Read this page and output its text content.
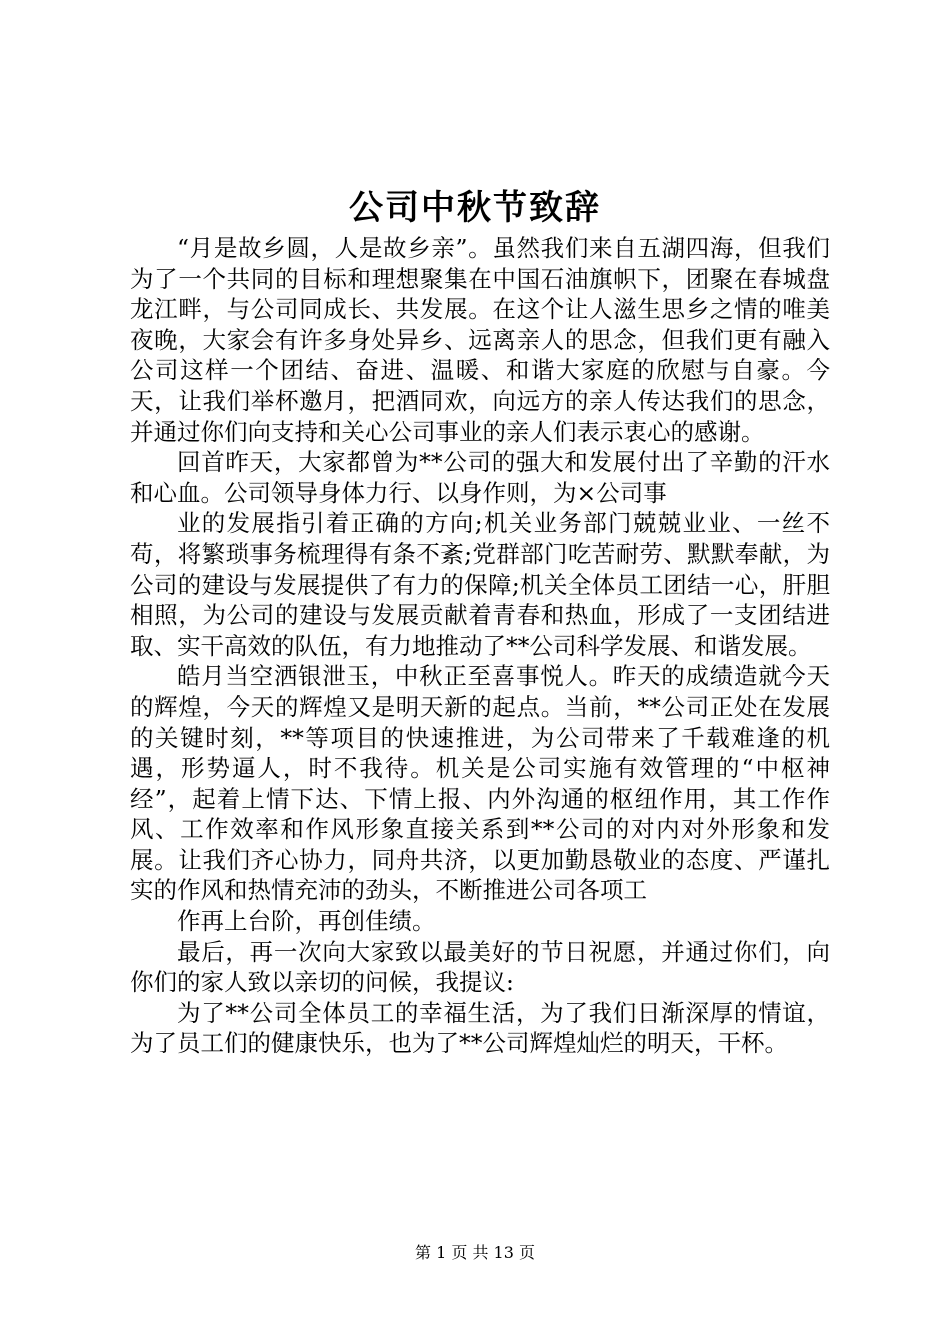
公司中秋节致辞

“月是故乡圆，人是故乡亲”。虽然我们来自五湖四海，但我们为了一个共同的目标和理想聚集在中国石油旗帜下，团聚在春城盘龙江畔，与公司同成长、共发展。在这个让人滋生思乡之情的唯美夜晚，大家会有许多身处异乡、远离亲人的思念，但我们更有融入公司这样一个团结、奋进、温暖、和谐大家庭的欣慰与自豪。今天，让我们举杯邀月，把酒同欢，向远方的亲人传达我们的思念，并通过你们向支持和关心公司事业的亲人们表示衷心的感谢。

回首昨天，大家都曾为**公司的强大和发展付出了辛勤的汗水和心血。公司领导身体力行、以身作则，为×公司事

业的发展指引着正确的方向;机关业务部门兢兢业业、一丝不苟，将繁琐事务梳理得有条不紊;党群部门吃苦耐劳、默默奉献，为公司的建设与发展提供了有力的保障;机关全体员工团结一心，肝胆相照，为公司的建设与发展贡献着青春和热血，形成了一支团结进取、实干高效的队伍，有力地推动了**公司科学发展、和谐发展。

皓月当空洒银泄玉，中秋正至喜事悦人。昨天的成绩造就今天的辉煌，今天的辉煌又是明天新的起点。当前，**公司正处在发展的关键时刻，**等项目的快速推进，为公司带来了千载难逢的机遇，形势逼人，时不我待。机关是公司实施有效管理的“中枢神经”，起着上情下达、下情上报、内外沟通的枢纽作用，其工作作风、工作效率和作风形象直接关系到**公司的对内对外形象和发展。让我们齐心协力，同舟共济，以更加勤恳敬业的态度、严谨扎实的作风和热情充沛的劲头，不断推进公司各项工

作再上台阶，再创佳绩。

最后，再一次向大家致以最美好的节日祝愿，并通过你们，向你们的家人致以亲切的问候，我提议:

为了**公司全体员工的幸福生活，为了我们日渐深厚的情谊，为了员工们的健康快乐，也为了**公司辉煌灿烂的明天，干杯。

第 1 页 共 13 页
